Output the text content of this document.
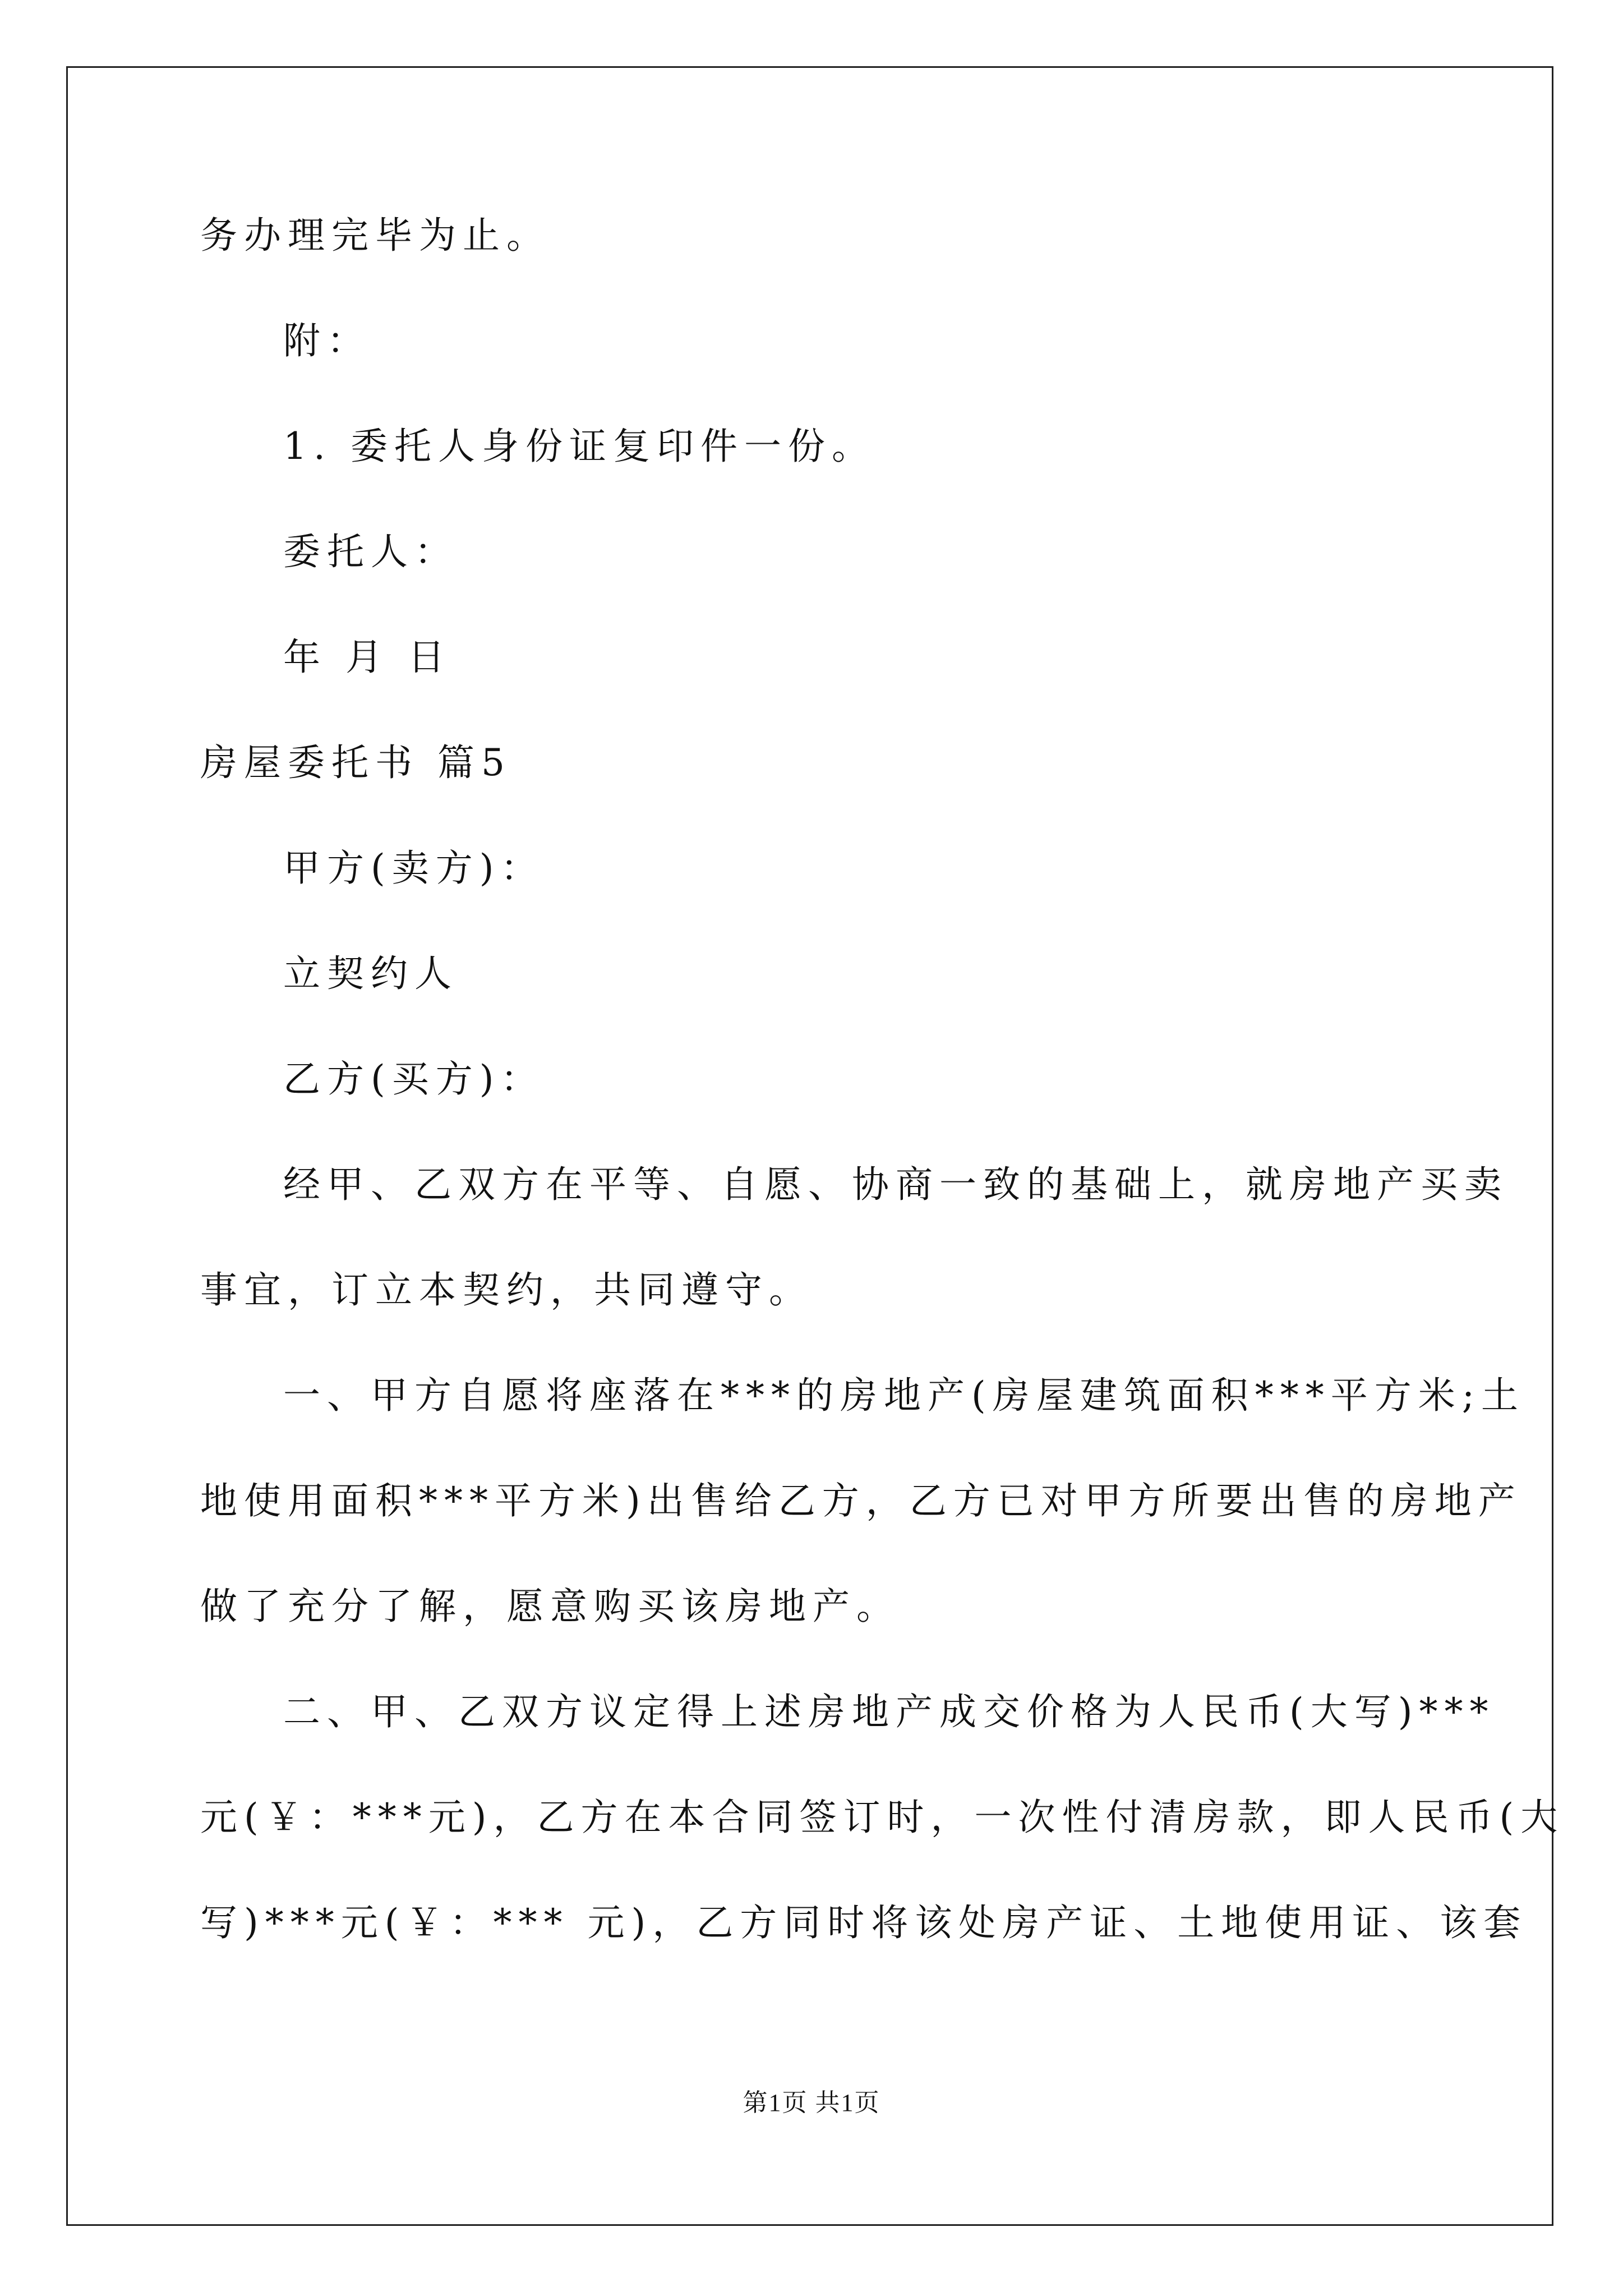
务办理完毕为止。
附：
1. 委托人身份证复印件一份。
委托人：
年 月 日
房屋委托书 篇5
甲方(卖方)：
立契约人
乙方(买方)：
经甲、乙双方在平等、自愿、协商一致的基础上，就房地产买卖
事宜，订立本契约，共同遵守。
一、甲方自愿将座落在***的房地产(房屋建筑面积***平方米;土
地使用面积***平方米)出售给乙方，乙方已对甲方所要出售的房地产
做了充分了解，愿意购买该房地产。
二、甲、乙双方议定得上述房地产成交价格为人民币(大写)***
元(￥：***元)，乙方在本合同签订时，一次性付清房款，即人民币(大
写)***元(￥：*** 元)，乙方同时将该处房产证、土地使用证、该套
第1页 共1页
